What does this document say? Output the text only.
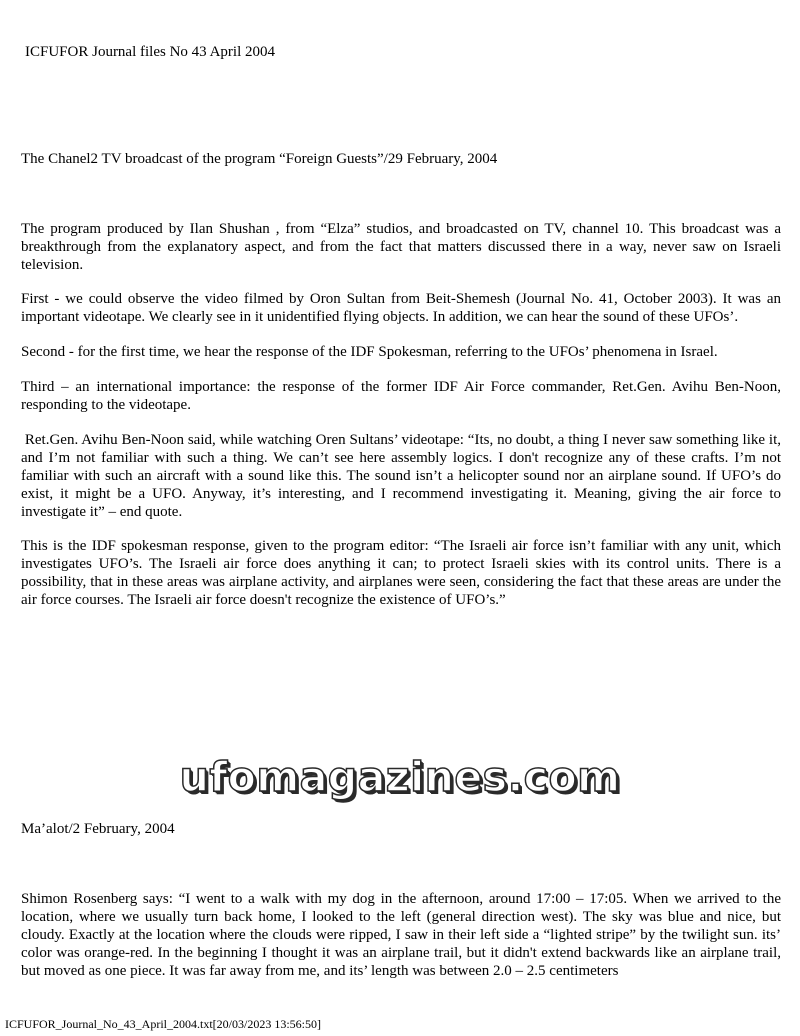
ICFUFOR Journal files No 43 April 2004

The Chanel2 TV broadcast of the program “Foreign Guests”/29 February, 2004

The program produced by Ilan Shushan , from “Elza” studios, and broadcasted on TV, channel 10. This broadcast was a breakthrough from the explanatory aspect, and from the fact that matters discussed there in a way, never saw on Israeli television.

First - we could observe the video filmed by Oron Sultan from Beit-Shemesh (Journal No. 41, October 2003). It was an important videotape. We clearly see in it unidentified flying objects. In addition, we can hear the sound of these UFOs’.

Second - for the first time, we hear the response of the IDF Spokesman, referring to the UFOs’ phenomena in Israel.

Third – an international importance: the response of the former IDF Air Force commander, Ret.Gen. Avihu Ben-Noon, responding to the videotape.

Ret.Gen. Avihu Ben-Noon said, while watching Oren Sultans’ videotape: “Its, no doubt, a thing I never saw something like it, and I’m not familiar with such a thing. We can’t see here assembly logics. I don't recognize any of these crafts. I’m not familiar with such an aircraft with a sound like this. The sound isn’t a helicopter sound nor an airplane sound. If UFO’s do exist, it might be a UFO. Anyway, it’s interesting, and I recommend investigating it. Meaning, giving the air force to investigate it” – end quote.

This is the IDF spokesman response, given to the program editor: “The Israeli air force isn’t familiar with any unit, which investigates UFO’s. The Israeli air force does anything it can; to protect Israeli skies with its control units. There is a possibility, that in these areas was airplane activity, and airplanes were seen, considering the fact that these areas are under the air force courses. The Israeli air force doesn't recognize the existence of UFO’s.”

ufomagazines.com

Ma’alot/2 February, 2004

Shimon Rosenberg says: “I went to a walk with my dog in the afternoon, around 17:00 – 17:05. When we arrived to the location, where we usually turn back home, I looked to the left (general direction west). The sky was blue and nice, but cloudy. Exactly at the location where the clouds were ripped, I saw in their left side a “lighted stripe” by the twilight sun. its’ color was orange-red. In the beginning I thought it was an airplane trail, but it didn't extend backwards like an airplane trail, but moved as one piece. It was far away from me, and its’ length was between 2.0 – 2.5 centimeters

ICFUFOR_Journal_No_43_April_2004.txt[20/03/2023 13:56:50]
